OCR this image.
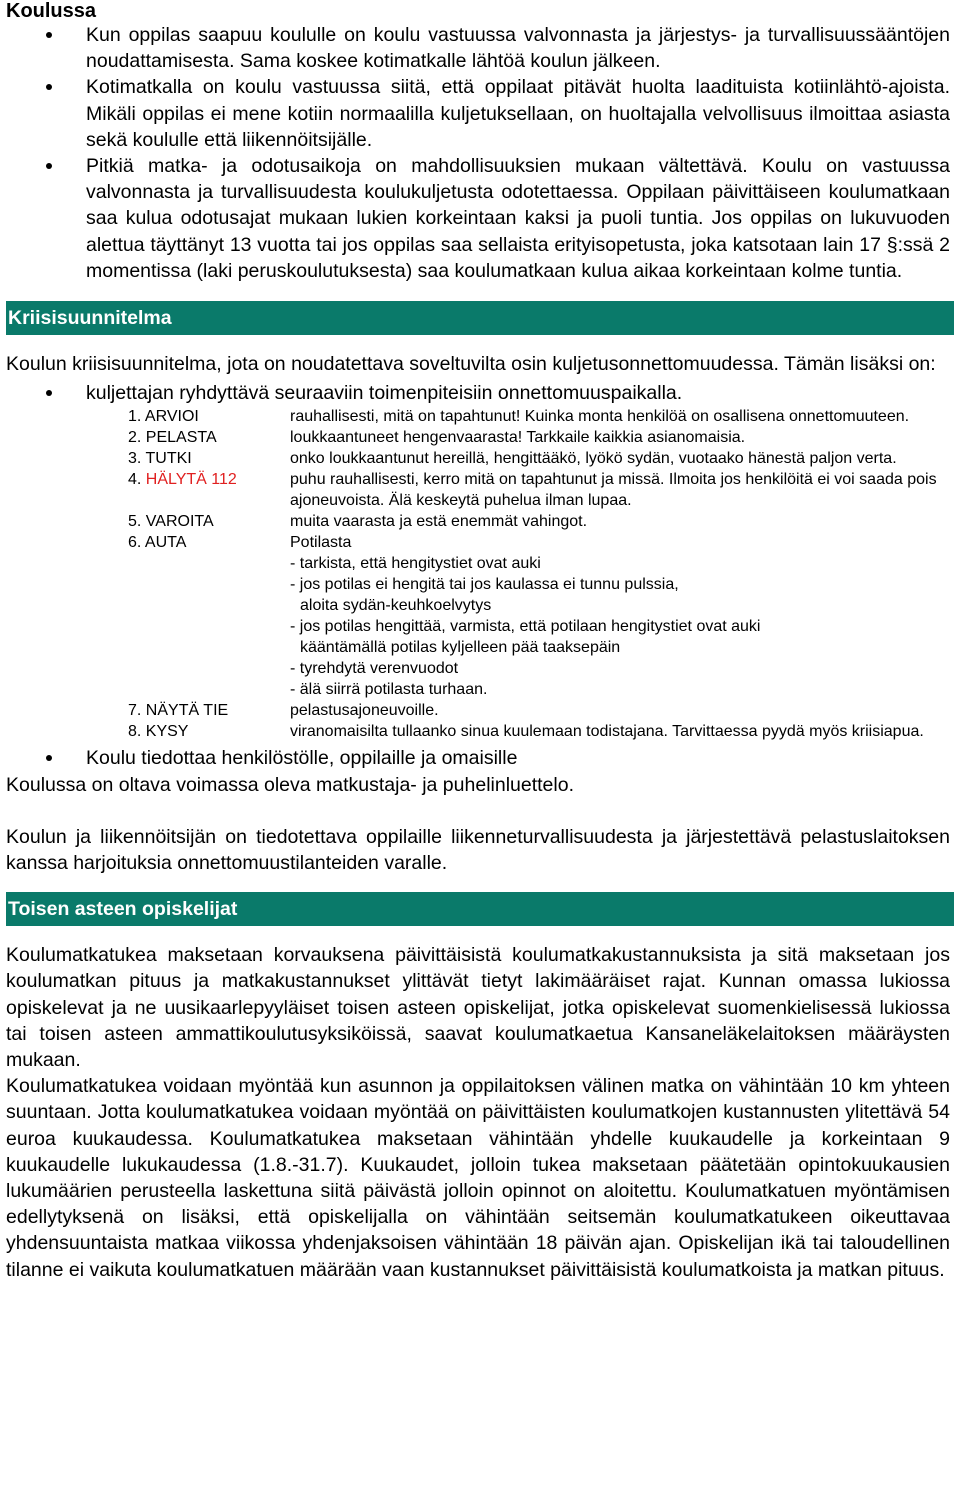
Koulussa
Kun oppilas saapuu koululle on koulu vastuussa valvonnasta ja järjestys- ja turvallisuussääntöjen noudattamisesta. Sama koskee kotimatkalle lähtöä koulun jälkeen.
Kotimatkalla on koulu vastuussa siitä, että oppilaat pitävät huolta laadituista kotiinlähtö-ajoista. Mikäli oppilas ei mene kotiin normaalilla kuljetuksellaan, on huoltajalla velvollisuus ilmoittaa asiasta sekä koululle että liikennöitsijälle.
Pitkiä matka- ja odotusaikoja on mahdollisuuksien mukaan vältettävä. Koulu on vastuussa valvonnasta ja turvallisuudesta koulukuljetusta odotettaessa. Oppilaan päivittäiseen koulumatkaan saa kulua odotusajat mukaan lukien korkeintaan kaksi ja puoli tuntia. Jos oppilas on lukuvuoden alettua täyttänyt 13 vuotta tai jos oppilas saa sellaista erityisopetusta, joka katsotaan lain 17 §:ssä 2 momentissa (laki peruskoulutuksesta) saa koulumatkaan kulua aikaa korkeintaan kolme tuntia.
Kriisisuunnitelma
Koulun kriisisuunnitelma, jota on noudatettava soveltuvilta osin kuljetusonnettomuudessa. Tämän lisäksi on:
kuljettajan ryhdyttävä seuraaviin toimenpiteisiin onnettomuuspaikalla.
1. ARVIOI	rauhallisesti, mitä on tapahtunut! Kuinka monta henkilöä on osallisena onnettomuuteen.
2. PELASTA	loukkaantuneet hengenvaarasta! Tarkkaile kaikkia asianomaisia.
3. TUTKI	onko loukkaantunut hereillä, hengittääkö, lyökö sydän, vuotaako hänestä paljon verta.
4. HÄLYTÄ 112	puhu rauhallisesti, kerro mitä on tapahtunut ja missä. Ilmoita jos henkilöitä ei voi saada pois ajoneuvoista. Älä keskeytä puhelua ilman lupaa.
5. VAROITA	muita vaarasta ja estä enemmät vahingot.
6. AUTA	Potilasta
- tarkista, että hengitystiet ovat auki
- jos potilas ei hengitä tai jos kaulassa ei tunnu pulssia,
aloita sydän-keuhkoelvytys
- jos potilas hengittää, varmista, että potilaan hengitystiet ovat auki
kääntämällä potilas kyljelleen pää taaksepäin
- tyrehdytä verenvuodot
- älä siirrä potilasta turhaan.
7. NÄYTÄ TIE	pelastusajoneuvoille.
8. KYSY	viranomaisilta tullaanko sinua kuulemaan todistajana. Tarvittaessa pyydä myös kriisiapua.
Koulu tiedottaa henkilöstölle, oppilaille ja omaisille
Koulussa on oltava voimassa oleva matkustaja- ja puhelinluettelo.
Koulun ja liikennöitsijän on tiedotettava oppilaille liikenneturvallisuudesta ja järjestettävä pelastuslaitoksen kanssa harjoituksia onnettomuustilanteiden varalle.
Toisen asteen opiskelijat
Koulumatkatukea maksetaan korvauksena päivittäisistä koulumatkakustannuksista ja sitä maksetaan jos koulumatkan pituus ja matkakustannukset ylittävät tietyt lakimääräiset rajat. Kunnan omassa lukiossa opiskelevat ja ne uusikaarlepyyläiset toisen asteen opiskelijat, jotka opiskelevat suomenkielisessä lukiossa tai toisen asteen ammattikoulutusyksiköissä, saavat koulumatkaetua Kansaneläkelaitoksen määräysten mukaan.
Koulumatkatukea voidaan myöntää kun asunnon ja oppilaitoksen välinen matka on vähintään 10 km yhteen suuntaan. Jotta koulumatkatukea voidaan myöntää on päivittäisten koulumatkojen kustannusten ylitettävä 54 euroa kuukaudessa. Koulumatkatukea maksetaan vähintään yhdelle kuukaudelle ja korkeintaan 9 kuukaudelle lukukaudessa (1.8.-31.7). Kuukaudet, jolloin tukea maksetaan päätetään opintokuukausien lukumäärien perusteella laskettuna siitä päivästä jolloin opinnot on aloitettu. Koulumatkatuen myöntämisen edellytyksenä on lisäksi, että opiskelijalla on vähintään seitsemän koulumatkatukeen oikeuttavaa yhdensuuntaista matkaa viikossa yhdenjaksoisen vähintään 18 päivän ajan. Opiskelijan ikä tai taloudellinen tilanne ei vaikuta koulumatkatuen määrään vaan kustannukset päivittäisistä koulumatkoista ja matkan pituus.
